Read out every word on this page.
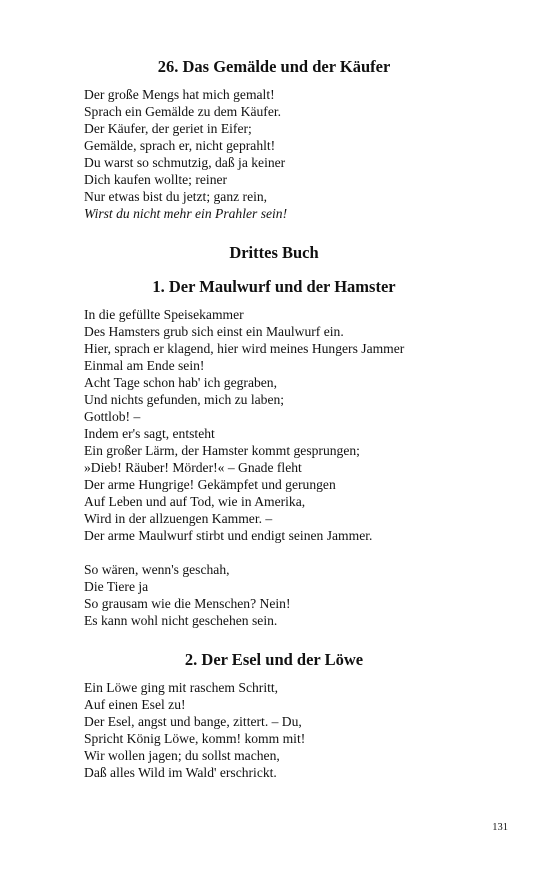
26. Das Gemälde und der Käufer
Der große Mengs hat mich gemalt!
Sprach ein Gemälde zu dem Käufer.
Der Käufer, der geriet in Eifer;
Gemälde, sprach er, nicht geprahlt!
Du warst so schmutzig, daß ja keiner
Dich kaufen wollte; reiner
Nur etwas bist du jetzt; ganz rein,
Wirst du nicht mehr ein Prahler sein!
Drittes Buch
1. Der Maulwurf und der Hamster
In die gefüllte Speisekammer
Des Hamsters grub sich einst ein Maulwurf ein.
Hier, sprach er klagend, hier wird meines Hungers Jammer
Einmal am Ende sein!
Acht Tage schon hab' ich gegraben,
Und nichts gefunden, mich zu laben;
Gottlob! –
Indem er's sagt, entsteht
Ein großer Lärm, der Hamster kommt gesprungen;
»Dieb! Räuber! Mörder!« – Gnade fleht
Der arme Hungrige! Gekämpfet und gerungen
Auf Leben und auf Tod, wie in Amerika,
Wird in der allzuengen Kammer. –
Der arme Maulwurf stirbt und endigt seinen Jammer.
So wären, wenn's geschah,
Die Tiere ja
So grausam wie die Menschen? Nein!
Es kann wohl nicht geschehen sein.
2. Der Esel und der Löwe
Ein Löwe ging mit raschem Schritt,
Auf einen Esel zu!
Der Esel, angst und bange, zittert. – Du,
Spricht König Löwe, komm! komm mit!
Wir wollen jagen; du sollst machen,
Daß alles Wild im Wald' erschrickt.
131
